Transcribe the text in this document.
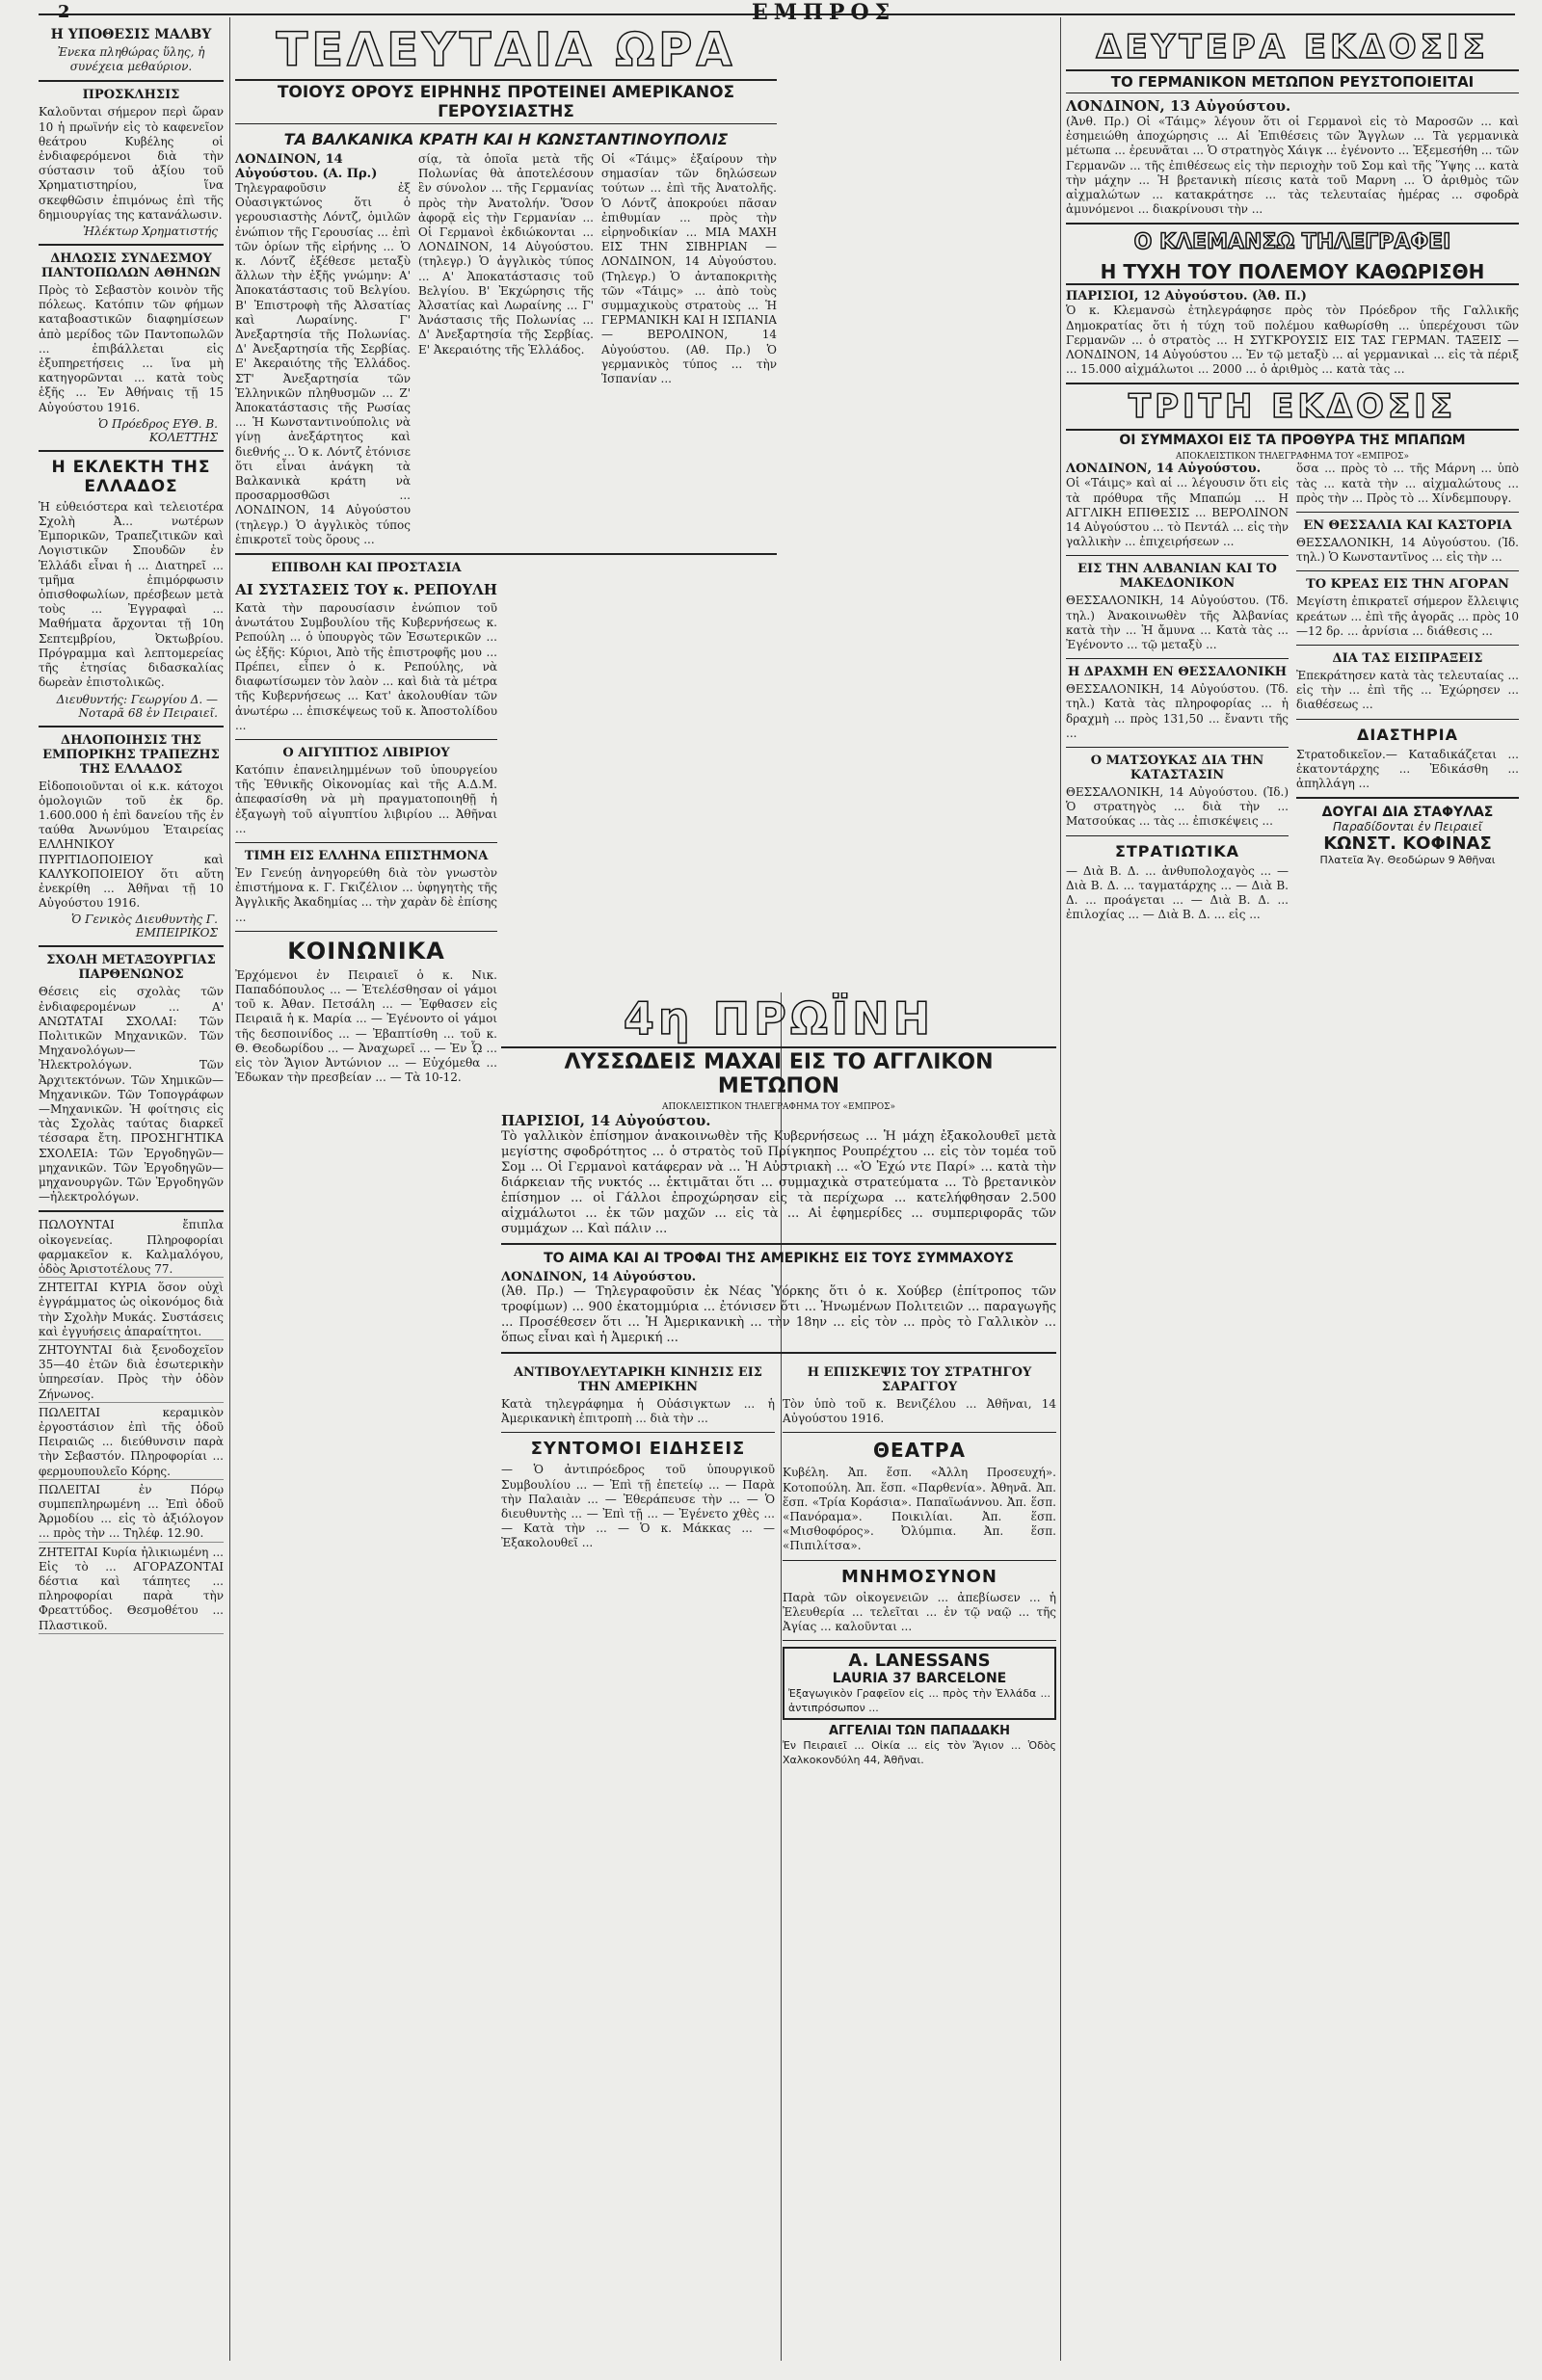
2	ΕΜΠΡΟΣ
Η ΥΠΟΘΕΣΙΣ ΜΑΛΒΥ
Ἐνεκα πληθώρας ὕλης, ἡ συνέχεια μεθαύριον.
ΠΡΟΣΚΛΗΣΙΣ
Καλοῦνται σήμερον περὶ ὥραν 10 ἡ πρωϊνήν εἰς τὸ καφενεῖον θεάτρου Κυβέλης οἱ ἐνδιαφερόμενοι διὰ τὴν σύστασιν τοῦ ἀξίου τοῦ Χρηματιστηρίου, ἵνα σκεφθῶσιν ἐπιμόνως ἐπὶ τῆς δημιουργίας της κατανάλωσιν.
Ἠλέκτωρ Χρηματιστής
ΔΗΛΩΣΙΣ ΣΥΝΔΕΣΜΟΥ ΠΑΝΤΟΠΩΛΩΝ ΑΘΗΝΩΝ
Πρὸς τὸ Σεβαστὸν κοινὸν τῆς πόλεως. Κατόπιν τῶν φήμων καταβοαστικῶν διαφημίσεων ἀπὸ μερίδος τῶν Παντοπωλῶν ... ἐπιβάλλεται εἰς ἐξυπηρετήσεις ... ἵνα μὴ κατηγορῶνται ... κατὰ τοὺς ἑξῆς ... Ἐν Ἀθήναις τῇ 15 Αὐγούστου 1916.
Ὁ Πρόεδρος ΕΥΘ. Β. ΚΟΛΕΤΤΗΣ
Η ΕΚΛΕΚΤΗ ΤΗΣ ΕΛΛΑΔΟΣ
Ἡ εὐθειόστερα καὶ τελειοτέρα Σχολὴ Ἀ... νωτέρων Ἐμπορικῶν, Τραπεζιτικῶν καὶ Λογιστικῶν Σπουδῶν ἐν Ἑλλάδι εἶναι ἡ ... Διατηρεῖ ... τμῆμα ἐπιμόρφωσιν ὀπισθοφωλίων, πρέσβεων μετὰ τοὺς ... Ἐγγραφαὶ ... Μαθήματα ἄρχονται τῇ 10η Σεπτεμβρίου, Ὀκτωβρίου. Πρόγραμμα καὶ λεπτομερείας τῆς ἐτησίας διδασκαλίας δωρεὰν ἐπιστολικῶς.
Διευθυντής: Γεωργίου Δ. — Νοταρᾶ 68 ἐν Πειραιεῖ.
ΔΗΛΟΠΟΙΗΣΙΣ ΤΗΣ ΕΜΠΟΡΙΚΗΣ ΤΡΑΠΕΖΗΣ ΤΗΣ ΕΛΛΑΔΟΣ
Εἰδοποιοῦνται οἱ κ.κ. κάτοχοι ὁμολογιῶν τοῦ ἐκ δρ. 1.600.000 ἡ ἐπὶ δανείου τῆς ἐν ταύθα Ἀνωνύμου Ἑταιρείας ΕΛΛΗΝΙΚΟΥ ΠΥΡΙΤΙΔΟΠΟΙΕΙΟΥ καὶ ΚΑΛΥΚΟΠΟΙΕΙΟΥ ὅτι αὕτη ἐνεκρίθη ... Ἀθῆναι τῇ 10 Αὐγούστου 1916.
Ὁ Γενικὸς Διευθυντὴς Γ. ΕΜΠΕΙΡΙΚΟΣ
ΣΧΟΛΗ ΜΕΤΑΞΟΥΡΓΙΑΣ ΠΑΡΘΕΝΩΝΟΣ
Θέσεις εἰς σχολὰς τῶν ἐνδιαφερομένων ... Α' ΑΝΩΤΑΤΑΙ ΣΧΟΛΑΙ: Τῶν Πολιτικῶν Μηχανικῶν. Τῶν Μηχανολόγων—Ἠλεκτρολόγων. Τῶν Ἀρχιτεκτόνων. Τῶν Χημικῶν—Μηχανικῶν. Τῶν Τοπογράφων—Μηχανικῶν. Ἡ φοίτησις εἰς τὰς Σχολὰς ταύτας διαρκεῖ τέσσαρα ἔτη. ΠΡΟΣΗΓΗΤΙΚΑ ΣΧΟΛΕΙΑ: Τῶν Ἐργοδηγῶν—μηχανικῶν. Τῶν Ἐργοδηγῶν—μηχανουργῶν. Τῶν Ἐργοδηγῶν—ἠλεκτρολόγων.
ΠΩΛΟΥΝΤΑΙ ἔπιπλα οἰκογενείας. Πληροφορίαι φαρμακεῖον κ. Καλμαλόγου, ὁδὸς Ἀριστοτέλους 77.
ΖΗΤΕΙΤΑΙ ΚΥΡΙΑ ὅσον οὐχὶ ἐγγράμματος ὡς οἰκονόμος διὰ τὴν Σχολὴν Μυκάς. Συστάσεις καὶ ἐγγυήσεις ἀπαραίτητοι.
ΖΗΤΟΥΝΤΑΙ διὰ ξενοδοχεῖον 35—40 ἐτῶν διὰ ἐσωτερικὴν ὑπηρεσίαν. Πρὸς τὴν ὁδὸν Ζήνωνος.
ΠΩΛΕΙΤΑΙ κεραμικὸν ἐργοστάσιον ἐπὶ τῆς ὁδοῦ Πειραιῶς ... διεύθυνσιν παρὰ τὴν Σεβαστόν. Πληροφορίαι ... φερμουπουλεῖο Κόρης.
ΠΩΛΕΙΤΑΙ ἐν Πόρῳ συμπεπληρωμένη ... Ἐπὶ ὀδοῦ Ἀρμοδίου ... εἰς τὸ ἀξιόλογον ... πρὸς τὴν ... Τηλέφ. 12.90.
ΖΗΤΕΙΤΑΙ Κυρία ἠλικιωμένη ... Εἰς τὸ ... ΑΓΟΡΑΖΟΝΤΑΙ δέστια καὶ τάπητες ... πληροφορίαι παρὰ τὴν Φρεαττύδος. Θεσμοθέτου ... Πλαστικοῦ.
ΤΕΛΕΥΤΑΙΑ ΩΡΑ
ΤΟΙΟΥΣ ΟΡΟΥΣ ΕΙΡΗΝΗΣ ΠΡΟΤΕΙΝΕΙ ΑΜΕΡΙΚΑΝΟΣ ΓΕΡΟΥΣΙΑΣΤΗΣ
ΤΑ ΒΑΛΚΑΝΙΚΑ ΚΡΑΤΗ ΚΑΙ Η ΚΩΝΣΤΑΝΤΙΝΟΥΠΟΛΙΣ
ΛΟΝΔΙΝΟΝ, 14 Αὐγούστου. (Α. Πρ.)
Τηλεγραφοῦσιν ἐξ Οὐασιγκτώνος ὅτι ὁ γερουσιαστὴς Λόντζ, ὁμιλῶν ἐνώπιον τῆς Γερουσίας ... ἐπὶ τῶν ὁρίων τῆς εἰρήνης ... Ὁ κ. Λόντζ ἐξέθεσε μεταξὺ ἄλλων τὴν ἐξῆς γνώμην: Α' Ἀποκατάστασις τοῦ Βελγίου. Β' Ἐπιστροφὴ τῆς Ἀλσατίας καὶ Λωραίνης. Γ' Ἀνεξαρτησία τῆς Πολωνίας. Δ' Ἀνεξαρτησία τῆς Σερβίας. Ε' Ἀκεραιότης τῆς Ἑλλάδος. ΣΤ' Ἀνεξαρτησία τῶν Ἑλληνικῶν πληθυσμῶν ... Ζ' Ἀποκατάστασις τῆς Ρωσίας ... Ἡ Κωνσταντινούπολις νὰ γίνῃ ἀνεξάρτητος καὶ διεθνής ... Ὁ κ. Λόντζ ἐτόνισε ὅτι εἶναι ἀνάγκη τὰ Βαλκανικὰ κράτη νὰ προσαρμοσθῶσι ... ΛΟΝΔΙΝΟΝ, 14 Αὐγούστου (τηλεγρ.) Ὁ ἀγγλικὸς τύπος ἐπικροτεῖ τοὺς ὅρους ...
σίᾳ, τὰ ὁποῖα μετὰ τῆς Πολωνίας θὰ ἀποτελέσουν ἓν σύνολον ... τῆς Γερμανίας πρὸς τὴν Ἀνατολήν. Ὅσον ἀφορᾷ εἰς τὴν Γερμανίαν ... Οἱ Γερμανοὶ ἐκδιώκονται ... ΛΟΝΔΙΝΟΝ, 14 Αὐγούστου. (τηλεγρ.) Ὁ ἀγγλικὸς τύπος ... Α' Ἀποκατάστασις τοῦ Βελγίου. Β' Ἐκχώρησις τῆς Ἀλσατίας καὶ Λωραίνης ... Γ' Ἀνάστασις τῆς Πολωνίας ... Δ' Ἀνεξαρτησία τῆς Σερβίας. Ε' Ἀκεραιότης τῆς Ἑλλάδος.
Οἱ «Τάιμς» ἐξαίρουν τὴν σημασίαν τῶν δηλώσεων τούτων ... ἐπὶ τῆς Ἀνατολῆς. Ὁ Λόντζ ἀποκρούει πᾶσαν ἐπιθυμίαν ... πρὸς τὴν εἰρηνοδικίαν ... ΜΙΑ ΜΑΧΗ ΕΙΣ ΤΗΝ ΣΙΒΗΡΙΑΝ — ΛΟΝΔΙΝΟΝ, 14 Αὐγούστου. (Τηλεγρ.) Ὁ ἀνταποκριτὴς τῶν «Τάιμς» ... ἀπὸ τοὺς συμμαχικοὺς στρατοὺς ... Ἡ ΓΕΡΜΑΝΙΚΗ ΚΑΙ Η ΙΣΠΑΝΙΑ — ΒΕΡΟΛΙΝΟΝ, 14 Αὐγούστου. (Αθ. Πρ.) Ὁ γερμανικὸς τύπος ... τὴν Ἱσπανίαν ...
ΕΠΙΒΟΛΗ ΚΑΙ ΠΡΟΣΤΑΣΙΑ
ΑΙ ΣΥΣΤΑΣΕΙΣ ΤΟΥ κ. ΡΕΠΟΥΛΗ
Κατὰ τὴν παρουσίασιν ἐνώπιον τοῦ ἀνωτάτου Συμβουλίου τῆς Κυβερνήσεως κ. Ρεπούλη ... ὁ ὑπουργὸς τῶν Ἐσωτερικῶν ... ὡς ἑξῆς: Κύριοι, Ἀπὸ τῆς ἐπιστροφῆς μου ... Πρέπει, εἶπεν ὁ κ. Ρεπούλης, νὰ διαφωτίσωμεν τὸν λαὸν ... καὶ διὰ τὰ μέτρα τῆς Κυβερνήσεως ... Κατ' ἀκολουθίαν τῶν ἀνωτέρω ... ἐπισκέψεως τοῦ κ. Ἀποστολίδου ...
Ο ΑΙΓΥΠΤΙΟΣ ΛΙΒΙΡΙΟΥ
Κατόπιν ἐπανειλημμένων τοῦ ὑπουργείου τῆς Ἐθνικῆς Οἰκονομίας καὶ τῆς Α.Δ.Μ. ἀπεφασίσθη νὰ μὴ πραγματοποιηθῇ ἡ ἐξαγωγὴ τοῦ αἰγυπτίου λιβιρίου ... Ἀθῆναι ...
ΤΙΜΗ ΕΙΣ ΕΛΛΗΝΑ ΕΠΙΣΤΗΜΟΝΑ
Ἐν Γενεύῃ ἀνηγορεύθη διὰ τὸν γνωστὸν ἐπιστήμονα κ. Γ. Γκιζέλιον ... ὑφηγητὴς τῆς Ἀγγλικῆς Ἀκαδημίας ... τὴν χαρὰν δὲ ἐπίσης ...
ΚΟΙΝΩΝΙΚΑ
Ἐρχόμενοι ἐν Πειραιεῖ ὁ κ. Νικ. Παπαδόπουλος ... — Ἐτελέσθησαν οἱ γάμοι τοῦ κ. Ἀθαν. Πετσάλη ... — Ἐφθασεν εἰς Πειραιᾶ ἡ κ. Μαρία ... — Ἐγένοντο οἱ γάμοι τῆς δεσποινίδος ... — Ἐβαπτίσθη ... τοῦ κ. Θ. Θεοδωρίδου ... — Ἀναχωρεῖ ... — Ἐν ᾯ ... εἰς τὸν Ἅγιον Ἀντώνιον ... — Εὐχόμεθα ... Ἐδωκαν τὴν πρεσβείαν ... — Τὰ 10-12.
4η ΠΡΩΪΝΗ
ΛΥΣΣΩΔΕΙΣ ΜΑΧΑΙ ΕΙΣ ΤΟ ΑΓΓΛΙΚΟΝ ΜΕΤΩΠΟΝ
ΑΠΟΚΛΕΙΣΤΙΚΟΝ ΤΗΛΕΓΡΑΦΗΜΑ ΤΟΥ «ΕΜΠΡΟΣ»
ΠΑΡΙΣΙΟΙ, 14 Αὐγούστου.
Τὸ γαλλικὸν ἐπίσημον ἀνακοινωθὲν τῆς Κυβερνήσεως ... Ἡ μάχη ἐξακολουθεῖ μετὰ μεγίστης σφοδρότητος ... ὁ στρατὸς τοῦ Πρίγκηπος Ρουπρέχτου ... εἰς τὸν τομέα τοῦ Σομ ... Οἱ Γερμανοὶ κατάφεραν νὰ ... Ἡ Αὐστριακὴ ... «Ὁ Ἐχώ ντε Παρί» ... κατὰ τὴν διάρκειαν τῆς νυκτός ... ἐκτιμᾶται ὅτι ... συμμαχικὰ στρατεύματα ... Τὸ βρετανικὸν ἐπίσημον ... οἱ Γάλλοι ἐπροχώρησαν εἰς τὰ περίχωρα ... κατελήφθησαν 2.500 αἰχμάλωτοι ... ἐκ τῶν μαχῶν ... εἰς τὰ ... Αἱ ἐφημερίδες ... συμπεριφορᾶς τῶν συμμάχων ... Καὶ πάλιν ...
ΤΟ ΑΙΜΑ ΚΑΙ ΑΙ ΤΡΟΦΑΙ ΤΗΣ ΑΜΕΡΙΚΗΣ ΕΙΣ ΤΟΥΣ ΣΥΜΜΑΧΟΥΣ
ΛΟΝΔΙΝΟΝ, 14 Αὐγούστου.
(Ἀθ. Πρ.) — Τηλεγραφοῦσιν ἐκ Νέας Ὑόρκης ὅτι ὁ κ. Χούβερ (ἐπίτροπος τῶν τροφίμων) ... 900 ἑκατομμύρια ... ἐτόνισεν ὅτι ... Ἠνωμένων Πολιτειῶν ... παραγωγῆς ... Προσέθεσεν ὅτι ... Ἡ Ἀμερικανικὴ ... τὴν 18ην ... εἰς τὸν ... πρὸς τὸ Γαλλικὸν ... ὅπως εἶναι καὶ ἡ Ἀμερική ...
ΑΝΤΙΒΟΥΛΕΥΤΑΡΙΚΗ ΚΙΝΗΣΙΣ ΕΙΣ ΤΗΝ ΑΜΕΡΙΚΗΝ
Κατὰ τηλεγράφημα ἡ Οὐάσιγκτων ... ἡ Ἀμερικανικὴ ἐπιτροπὴ ... διὰ τὴν ...
ΣΥΝΤΟΜΟΙ ΕΙΔΗΣΕΙΣ
— Ὁ ἀντιπρόεδρος τοῦ ὑπουργικοῦ Συμβουλίου ... — Ἐπὶ τῇ ἐπετείῳ ... — Παρὰ τὴν Παλαιὰν ... — Ἐθεράπευσε τὴν ... — Ὁ διευθυντὴς ... — Ἐπὶ τῇ ... — Ἐγένετο χθὲς ... — Κατὰ τὴν ... — Ὁ κ. Μάκκας ... — Ἐξακολουθεῖ ...
Η ΕΠΙΣΚΕΨΙΣ ΤΟΥ ΣΤΡΑΤΗΓΟΥ ΣΑΡΑΓΓΟΥ
Τὸν ὑπὸ τοῦ κ. Βενιζέλου ... Ἀθῆναι, 14 Αὐγούστου 1916.
ΘΕΑΤΡΑ
Κυβέλη. Ἀπ. ἕσπ. «Ἀλλη Προσευχή». Κοτοπούλη. Ἀπ. ἕσπ. «Παρθενία». Ἀθηνᾶ. Ἀπ. ἕσπ. «Τρία Κοράσια». Παπαϊωάννου. Ἀπ. ἕσπ. «Πανόραμα». Ποικιλίαι. Ἀπ. ἕσπ. «Μισθοφόρος». Ὀλύμπια. Ἀπ. ἕσπ. «Πιπιλίτσα».
ΜΝΗΜΟΣΥΝΟΝ
Παρὰ τῶν οἰκογενειῶν ... ἀπεβίωσεν ... ἡ Ἐλευθερία ... τελεῖται ... ἐν τῷ ναῷ ... τῆς Ἀγίας ... καλοῦνται ...
A. LANESSANS
LAURIA 37 BARCELONE
Ἐξαγωγικὸν Γραφεῖον εἰς ... πρὸς τὴν Ἑλλάδα ... ἀντιπρόσωπον ...
ΑΓΓΕΛΙΑΙ ΤΩΝ ΠΑΠΑΔΑΚΗ
Ἐν Πειραιεῖ ... Οἰκία ... εἰς τὸν Ἅγιον ... Ὁδὸς Χαλκοκονδύλη 44, Ἀθῆναι.
ΔΕΥΤΕΡΑ ΕΚΔΟΣΙΣ
ΤΟ ΓΕΡΜΑΝΙΚΟΝ ΜΕΤΩΠΟΝ ΡΕΥΣΤΟΠΟΙΕΙΤΑΙ
ΛΟΝΔΙΝΟΝ, 13 Αὐγούστου.
(Ἀνθ. Πρ.) Οἱ «Τάιμς» λέγουν ὅτι οἱ Γερμανοὶ εἰς τὸ Μαροσῶν ... καὶ ἐσημειώθη ἀποχώρησις ... Αἱ Ἐπιθέσεις τῶν Ἄγγλων ... Τὰ γερμανικὰ μέτωπα ... ἐρευνᾶται ... Ὁ στρατηγὸς Χάιγκ ... ἐγένοντο ... Ἐξεμεσήθη ... τῶν Γερμανῶν ... τῆς ἐπιθέσεως εἰς τὴν περιοχὴν τοῦ Σομ καὶ τῆς Ὕψης ... κατὰ τὴν μάχην ... Ἡ βρετανικὴ πίεσις κατὰ τοῦ Μαρνη ... Ὁ ἀριθμὸς τῶν αἰχμαλώτων ... κατακράτησε ... τὰς τελευταίας ἡμέρας ... σφοδρὰ ἀμυνόμενοι ... διακρίνουσι τὴν ...
Ο ΚΛΕΜΑΝΣΩ ΤΗΛΕΓΡΑΦΕΙ
Η ΤΥΧΗ ΤΟΥ ΠΟΛΕΜΟΥ ΚΑΘΩΡΙΣΘΗ
ΠΑΡΙΣΙΟΙ, 12 Αὐγούστου. (Ἀθ. Π.)
Ὁ κ. Κλεμανσὼ ἐτηλεγράφησε πρὸς τὸν Πρόεδρον τῆς Γαλλικῆς Δημοκρατίας ὅτι ἡ τύχη τοῦ πολέμου καθωρίσθη ... ὑπερέχουσι τῶν Γερμανῶν ... ὁ στρατὸς ... Η ΣΥΓΚΡΟΥΣΙΣ ΕΙΣ ΤΑΣ ΓΕΡΜΑΝ. ΤΑΞΕΙΣ — ΛΟΝΔΙΝΟΝ, 14 Αὐγούστου ... Ἐν τῷ μεταξὺ ... αἱ γερμανικαὶ ... εἰς τὰ πέριξ ... 15.000 αἰχμάλωτοι ... 2000 ... ὁ ἀριθμὸς ... κατὰ τὰς ...
ΤΡΙΤΗ ΕΚΔΟΣΙΣ
ΟΙ ΣΥΜΜΑΧΟΙ ΕΙΣ ΤΑ ΠΡΟΘΥΡΑ ΤΗΣ ΜΠΑΠΩΜ
ΑΠΟΚΛΕΙΣΤΙΚΟΝ ΤΗΛΕΓΡΑΦΗΜΑ ΤΟΥ «ΕΜΠΡΟΣ»
ΛΟΝΔΙΝΟΝ, 14 Αὐγούστου.
Οἱ «Τάιμς» καὶ αἱ ... λέγουσιν ὅτι εἰς τὰ πρόθυρα τῆς Μπαπώμ ... Η ΑΓΓΛΙΚΗ ΕΠΙΘΕΣΙΣ ... ΒΕΡΟΛΙΝΟΝ 14 Αὐγούστου ... τὸ Πεντάλ ... εἰς τὴν γαλλικὴν ... ἐπιχειρήσεων ...
ΕΙΣ ΤΗΝ ΑΛΒΑΝΙΑΝ ΚΑΙ ΤΟ ΜΑΚΕΔΟΝΙΚΟΝ
ΘΕΣΣΑΛΟΝΙΚΗ, 14 Αὐγούστου. (Τδ. τηλ.) Ἀνακοινωθὲν τῆς Ἀλβανίας κατὰ τὴν ... Ἡ ἄμυνα ... Κατὰ τὰς ... Ἐγένοντο ... τῷ μεταξὺ ...
Η ΔΡΑΧΜΗ ΕΝ ΘΕΣΣΑΛΟΝΙΚΗ
ΘΕΣΣΑΛΟΝΙΚΗ, 14 Αὐγούστου. (Τδ. τηλ.) Κατὰ τὰς πληροφορίας ... ἡ δραχμὴ ... πρὸς 131,50 ... ἔναντι τῆς ...
Ο ΜΑΤΣΟΥΚΑΣ ΔΙΑ ΤΗΝ ΚΑΤΑΣΤΑΣΙΝ
ΘΕΣΣΑΛΟΝΙΚΗ, 14 Αὐγούστου. (Ἰδ.) Ὁ στρατηγὸς ... διὰ τὴν ... Ματσούκας ... τὰς ... ἐπισκέψεις ...
ΣΤΡΑΤΙΩΤΙΚΑ
— Διὰ Β. Δ. ... ἀνθυπολοχαγὸς ... — Διὰ Β. Δ. ... ταγματάρχης ... — Διὰ Β. Δ. ... προάγεται ... — Διὰ Β. Δ. ... ἐπιλοχίας ... — Διὰ Β. Δ. ... εἰς ...
ὅσα ... πρὸς τὸ ... τῆς Μάρνη ... ὑπὸ τὰς ... κατὰ τὴν ... αἰχμαλώτους ... πρὸς τὴν ... Πρὸς τὸ ... Χίνδεμπουργ.
ΕΝ ΘΕΣΣΑΛΙΑ ΚΑΙ ΚΑΣΤΟΡΙΑ
ΘΕΣΣΑΛΟΝΙΚΗ, 14 Αὐγούστου. (Ἰδ. τηλ.) Ὁ Κωνσταντῖνος ... εἰς τὴν ...
ΤΟ ΚΡΕΑΣ ΕΙΣ ΤΗΝ ΑΓΟΡΑΝ
Μεγίστη ἐπικρατεῖ σήμερον ἔλλειψις κρεάτων ... ἐπὶ τῆς ἀγορᾶς ... πρὸς 10—12 δρ. ... ἀρνίσια ... διάθεσις ...
ΔΙΑ ΤΑΣ ΕΙΣΠΡΑΞΕΙΣ
Ἐπεκράτησεν κατὰ τὰς τελευταίας ... εἰς τὴν ... ἐπὶ τῆς ... Ἐχώρησεν ... διαθέσεως ...
ΔΙΑΣΤΗΡΙΑ
Στρατοδικεῖον.— Καταδικάζεται ... ἑκατοντάρχης ... Ἐδικάσθη ... ἀπηλλάγη ...
ΔΟΥΓΑΙ ΔΙΑ ΣΤΑΦΥΛΑΣ
Παραδίδονται ἐν Πειραιεῖ
ΚΩΝΣΤ. ΚΟΦΙΝΑΣ
Πλατεῖα Ἁγ. Θεοδώρων 9 Ἀθῆναι
